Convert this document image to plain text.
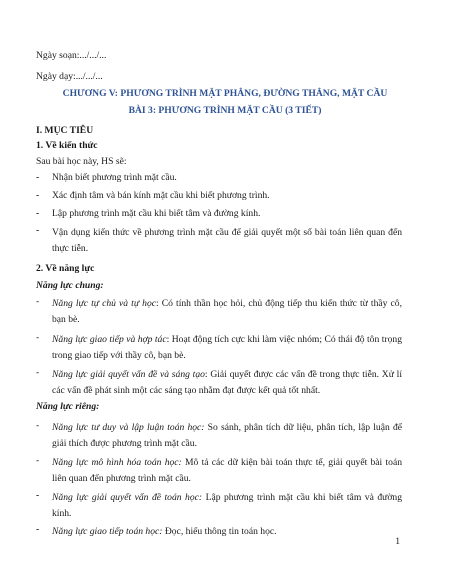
Ngày soạn:.../.../...
Ngày dạy:.../.../...
CHƯƠNG V: PHƯƠNG TRÌNH MẶT PHẲNG, ĐƯỜNG THẲNG, MẶT CẦU
BÀI 3: PHƯƠNG TRÌNH MẶT CẦU (3 TIẾT)
I. MỤC TIÊU
1. Về kiến thức
Sau bài học này, HS sẽ:
-	Nhận biết phương trình mặt cầu.
-	Xác định tâm và bán kính mặt cầu khi biết phương trình.
-	Lập phương trình mặt cầu khi biết tâm và đường kính.
-	Vận dụng kiến thức về phương trình mặt cầu để giải quyết một số bài toán liên quan đến thực tiễn.
2. Về năng lực
Năng lực chung:
-	Năng lực tự chủ và tự học: Có tính thần học hỏi, chủ động tiếp thu kiến thức từ thầy cô, bạn bè.
-	Năng lực giao tiếp và hợp tác: Hoạt động tích cực khi làm việc nhóm; Có thái độ tôn trọng trong giao tiếp với thầy cô, bạn bè.
-	Năng lực giải quyết vấn đề và sáng tạo: Giải quyết được các vấn đề trong thực tiễn. Xử lí các vấn đề phát sinh một các sáng tạo nhằm đạt được kết quả tốt nhất.
Năng lực riêng:
-	Năng lực tư duy và lập luận toán học: So sánh, phân tích dữ liệu, phân tích, lập luận để giải thích được phương trình mặt cầu.
-	Năng lực mô hình hóa toán học: Mô tả các dữ kiện bài toán thực tế, giải quyết bài toán liên quan đến phương trình mặt cầu.
-	Năng lực giải quyết vấn đề toán học: Lập phương trình mặt cầu khi biết tâm và đường kính.
-	Năng lực giao tiếp toán học: Đọc, hiểu thông tin toán học.
1
